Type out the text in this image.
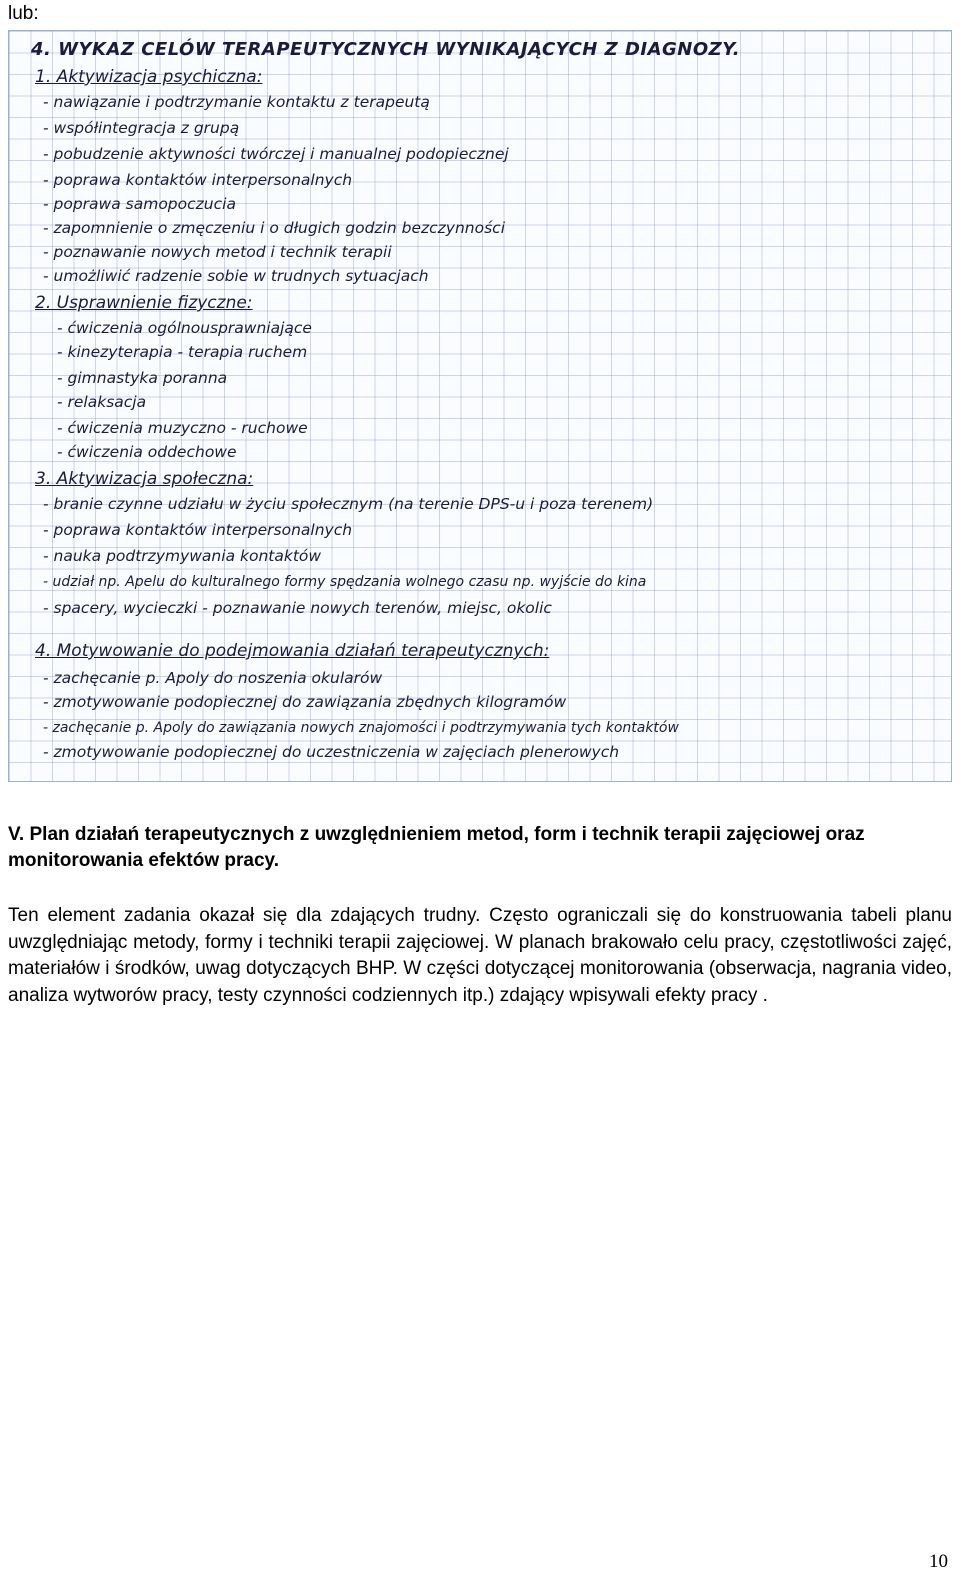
lub:
4. WYKAZ CELÓW TERAPEUTYCZNYCH WYNIKAJĄCYCH Z DIAGNOZY.
1. Aktywizacja psychiczna:
- nawiązanie i podtrzymanie kontaktu z terapeutą
- współintegracja z grupą
- pobudzenie aktywności twórczej i manualnej podopiecznej
- poprawa kontaktów interpersonalnych
- poprawa samopoczucia
- zapomnienie o zmęczeniu i o długich godzin bezczynności
- poznawanie nowych metod i technik terapii
- umożliwić radzenie sobie w trudnych sytuacjach
2. Usprawnienie fizyczne:
- ćwiczenia ogólnousprawniające
- kinezyterapia - terapia ruchem
- gimnastyka poranna
- relaksacja
- ćwiczenia muzyczno - ruchowe
- ćwiczenia oddechowe
3. Aktywizacja społeczna:
- branie czynne udziału w życiu społecznym (na terenie DPS-u i poza terenem)
- poprawa kontaktów interpersonalnych
- nauka podtrzymywania kontaktów
- udział np. Apelu do kulturalnego formy spędzania wolnego czasu np. wyjście do kina
- spacery, wycieczki - poznawanie nowych terenów, miejsc, okolic
4. Motywowanie do podejmowania działań terapeutycznych:
- zachęcanie p. Apoly do noszenia okularów
- zmotywowanie podopiecznej do zawiązania zbędnych kilogramów
- zachęcanie p. Apoly do zawiązania nowych znajomości i podtrzymywania tych kontaktów
- zmotywowanie podopiecznej do uczestniczenia w zajęciach plenerowych
V. Plan działań terapeutycznych z uwzględnieniem metod, form i technik terapii zajęciowej oraz monitorowania efektów pracy.
Ten element zadania okazał się dla zdających trudny. Często ograniczali się do konstruowania tabeli planu uwzględniając metody, formy i techniki terapii zajęciowej. W planach brakowało celu pracy, częstotliwości zajęć, materiałów i środków, uwag dotyczących BHP. W części dotyczącej monitorowania (obserwacja, nagrania video, analiza wytworów pracy, testy czynności codziennych itp.) zdający wpisywali efekty pracy .
10
